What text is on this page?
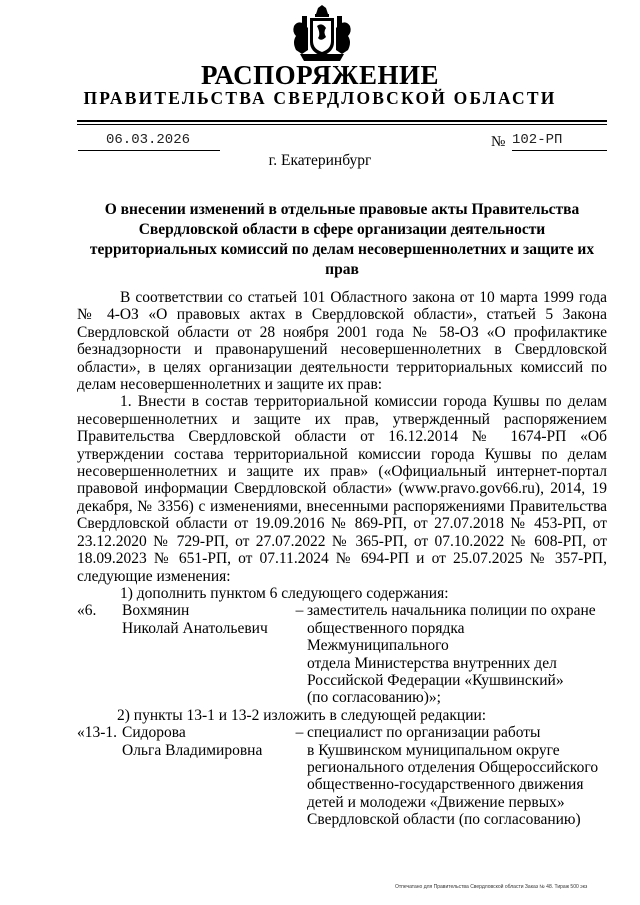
РАСПОРЯЖЕНИЕ
ПРАВИТЕЛЬСТВА СВЕРДЛОВСКОЙ ОБЛАСТИ
06.03.2026	№ 102-РП
г. Екатеринбург
О внесении изменений в отдельные правовые акты Правительства Свердловской области в сфере организации деятельности территориальных комиссий по делам несовершеннолетних и защите их прав

В соответствии со статьей 101 Областного закона от 10 марта 1999 года № 4-ОЗ «О правовых актах в Свердловской области», статьей 5 Закона Свердловской области от 28 ноября 2001 года № 58-ОЗ «О профилактике безнадзорности и правонарушений несовершеннолетних в Свердловской области», в целях организации деятельности территориальных комиссий по делам несовершеннолетних и защите их прав:

1. Внести в состав территориальной комиссии города Кушвы по делам несовершеннолетних и защите их прав, утвержденный распоряжением Правительства Свердловской области от 16.12.2014 № 1674-РП «Об утверждении состава территориальной комиссии города Кушвы по делам несовершеннолетних и защите их прав» («Официальный интернет-портал правовой информации Свердловской области» (www.pravo.gov66.ru), 2014, 19 декабря, № 3356) с изменениями, внесенными распоряжениями Правительства Свердловской области от 19.09.2016 № 869-РП, от 27.07.2018 № 453-РП, от 23.12.2020 № 729-РП, от 27.07.2022 № 365-РП, от 07.10.2022 № 608-РП, от 18.09.2023 № 651-РП, от 07.11.2024 № 694-РП и от 25.07.2025 № 357-РП, следующие изменения:

1) дополнить пунктом 6 следующего содержания:

«6.	Вохмянин
Николай Анатольевич
– заместитель начальника полиции по охране
общественного порядка Межмуниципального
отдела Министерства внутренних дел
Российской Федерации «Кушвинский»
(по согласованию)»;

2) пункты 13-1 и 13-2 изложить в следующей редакции:

«13-1. Сидорова
Ольга Владимировна
– специалист по организации работы
в Кушвинском муниципальном округе
регионального отделения Общероссийского
общественно-государственного движения
детей и молодежи «Движение первых»
Свердловской области (по согласованию)
Отпечатано для Правительства Свердловской области Заказ № 48. Тираж 500 экз
